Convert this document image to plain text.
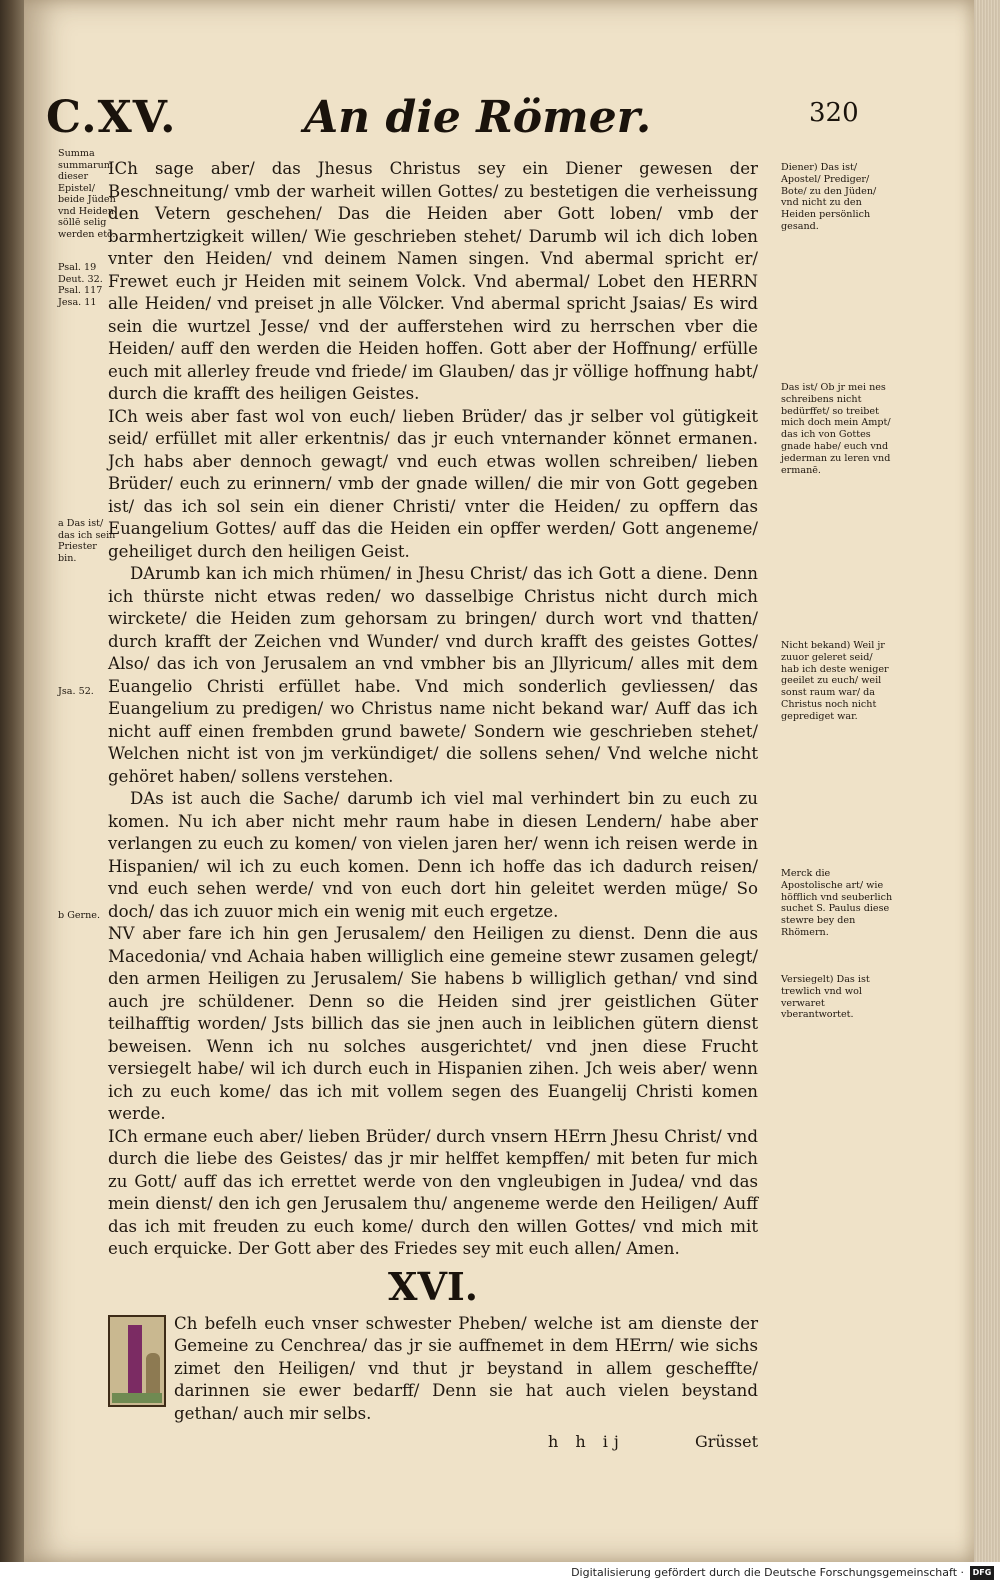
C.XV.	An die Römer.	320
Summa summarum dieser Epistel/ beide Jüden vnd Heiden söllē selig werden etc.
Psal. 19 Deut. 32. Psal. 117 Jesa. 11
a Das ist/ das ich sein Priester bin.
Jsa. 52.
b Gerne.
Diener) Das ist/ Apostel/ Prediger/ Bote/ zu den Jüden/ vnd nicht zu den Heiden persönlich gesand.
Das ist/ Ob jr mei nes schreibens nicht bedürffet/ so treibet mich doch mein Ampt/ das ich von Gottes gnade habe/ euch vnd jederman zu leren vnd ermanē.
Nicht bekand) Weil jr zuuor geleret seid/ hab ich deste weniger geeilet zu euch/ weil sonst raum war/ da Christus noch nicht geprediget war.
Merck die Apostolische art/ wie höfflich vnd seuberlich suchet S. Paulus diese stewre bey den Rhömern.
Versiegelt) Das ist trewlich vnd wol verwaret vberantwortet.

ICh sage aber/ das Jhesus Christus sey ein Diener gewesen der Beschneitung/ vmb der warheit willen Gottes/ zu bestetigen die verheissung den Vetern geschehen/ Das die Heiden aber Gott loben/ vmb der barmhertzigkeit willen/ Wie geschrieben stehet/ Darumb wil ich dich loben vnter den Heiden/ vnd deinem Namen singen. Vnd abermal spricht er/ Frewet euch jr Heiden mit seinem Volck. Vnd abermal/ Lobet den HERRN alle Heiden/ vnd preiset jn alle Völcker. Vnd abermal spricht Jsaias/ Es wird sein die wurtzel Jesse/ vnd der aufferstehen wird zu herrschen vber die Heiden/ auff den werden die Heiden hoffen. Gott aber der Hoffnung/ erfülle euch mit allerley freude vnd friede/ im Glauben/ das jr völlige hoffnung habt/ durch die krafft des heiligen Geistes.

ICh weis aber fast wol von euch/ lieben Brüder/ das jr selber vol gütigkeit seid/ erfüllet mit aller erkentnis/ das jr euch vnternander könnet ermanen. Jch habs aber dennoch gewagt/ vnd euch etwas wollen schreiben/ lieben Brüder/ euch zu erinnern/ vmb der gnade willen/ die mir von Gott gegeben ist/ das ich sol sein ein diener Christi/ vnter die Heiden/ zu opffern das Euangelium Gottes/ auff das die Heiden ein opffer werden/ Gott angeneme/ geheiliget durch den heiligen Geist.

DArumb kan ich mich rhümen/ in Jhesu Christ/ das ich Gott a diene. Denn ich thürste nicht etwas reden/ wo dasselbige Christus nicht durch mich wirckete/ die Heiden zum gehorsam zu bringen/ durch wort vnd thatten/ durch krafft der Zeichen vnd Wunder/ vnd durch krafft des geistes Gottes/ Also/ das ich von Jerusalem an vnd vmbher bis an Jllyricum/ alles mit dem Euangelio Christi erfüllet habe. Vnd mich sonderlich gevliessen/ das Euangelium zu predigen/ wo Christus name nicht bekand war/ Auff das ich nicht auff einen frembden grund bawete/ Sondern wie geschrieben stehet/ Welchen nicht ist von jm verkündiget/ die sollens sehen/ Vnd welche nicht gehöret haben/ sollens verstehen.

DAs ist auch die Sache/ darumb ich viel mal verhindert bin zu euch zu komen. Nu ich aber nicht mehr raum habe in diesen Lendern/ habe aber verlangen zu euch zu komen/ von vielen jaren her/ wenn ich reisen werde in Hispanien/ wil ich zu euch komen. Denn ich hoffe das ich dadurch reisen/ vnd euch sehen werde/ vnd von euch dort hin geleitet werden müge/ So doch/ das ich zuuor mich ein wenig mit euch ergetze.

NV aber fare ich hin gen Jerusalem/ den Heiligen zu dienst. Denn die aus Macedonia/ vnd Achaia haben williglich eine gemeine stewr zusamen gelegt/ den armen Heiligen zu Jerusalem/ Sie habens b williglich gethan/ vnd sind auch jre schüldener. Denn so die Heiden sind jrer geistlichen Güter teilhafftig worden/ Jsts billich das sie jnen auch in leiblichen gütern dienst beweisen. Wenn ich nu solches ausgerichtet/ vnd jnen diese Frucht versiegelt habe/ wil ich durch euch in Hispanien zihen. Jch weis aber/ wenn ich zu euch kome/ das ich mit vollem segen des Euangelij Christi komen werde.

ICh ermane euch aber/ lieben Brüder/ durch vnsern HErrn Jhesu Christ/ vnd durch die liebe des Geistes/ das jr mir helffet kempffen/ mit beten fur mich zu Gott/ auff das ich errettet werde von den vngleubigen in Judea/ vnd das mein dienst/ den ich gen Jerusalem thu/ angeneme werde den Heiligen/ Auff das ich mit freuden zu euch kome/ durch den willen Gottes/ vnd mich mit euch erquicke. Der Gott aber des Friedes sey mit euch allen/ Amen.

XVI.

Ch befelh euch vnser schwester Pheben/ welche ist am dienste der Gemeine zu Cenchrea/ das jr sie auffnemet in dem HErrn/ wie sichs zimet den Heiligen/ vnd thut jr beystand in allem gescheffte/ darinnen sie ewer bedarff/ Denn sie hat auch vielen beystand gethan/ auch mir selbs.

h h ij	Grüsset
Digitalisierung gefördert durch die Deutsche Forschungsgemeinschaft ·	DFG
